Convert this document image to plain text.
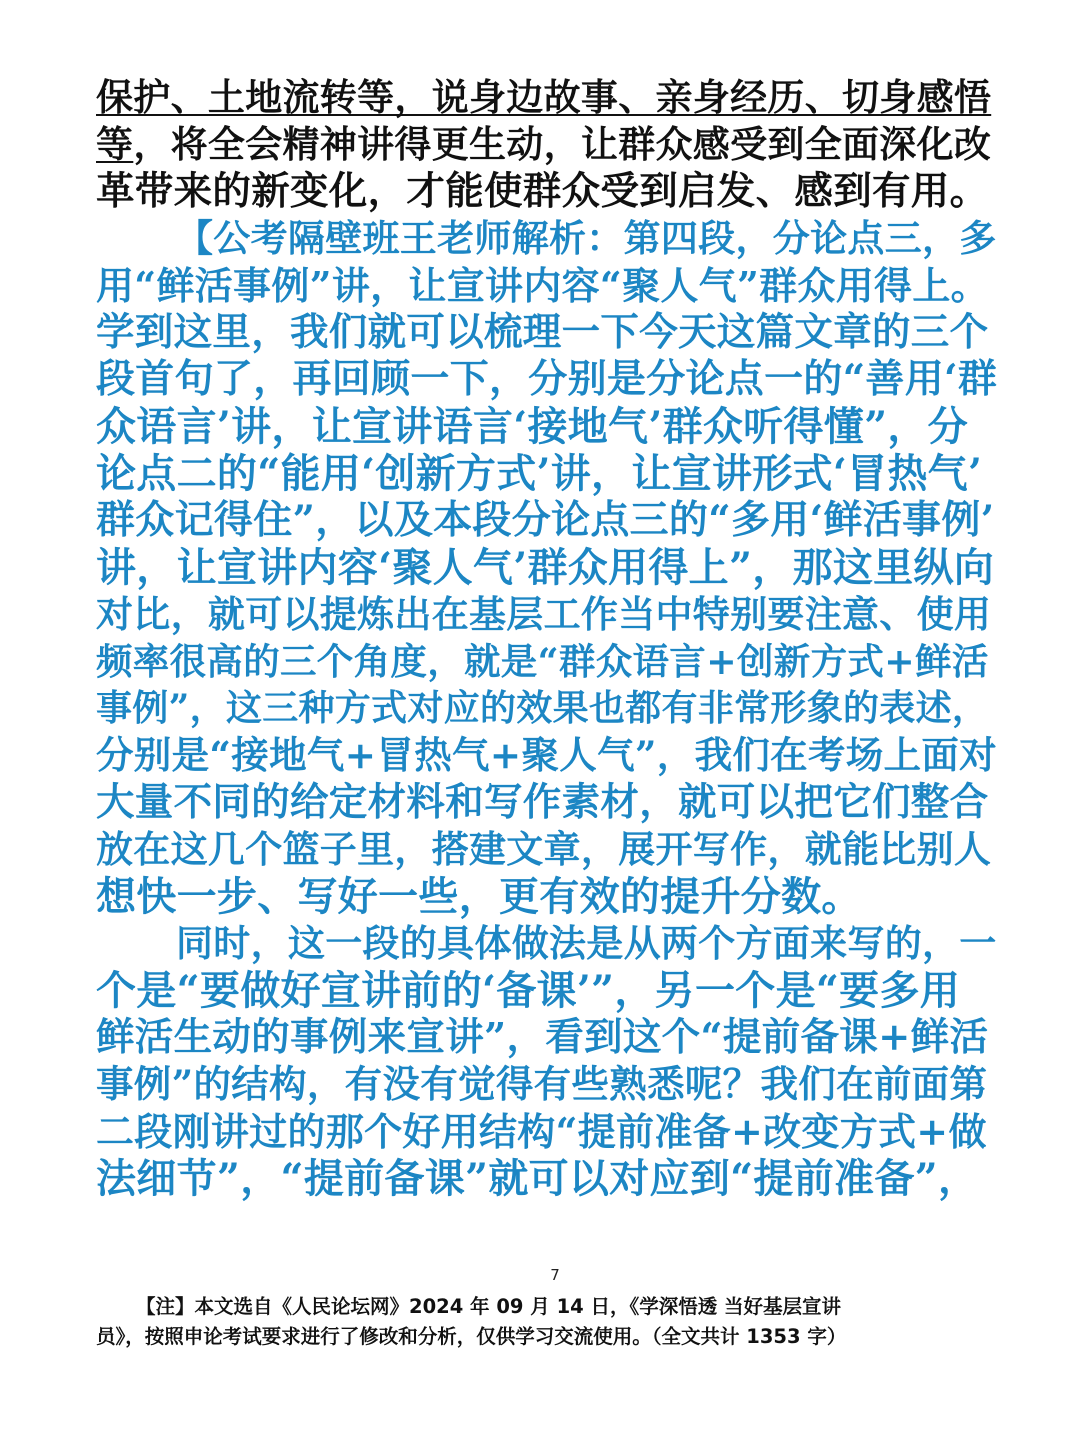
保护、土地流转等，说身边故事、亲身经历、切身感悟
等，将全会精神讲得更生动，让群众感受到全面深化改
革带来的新变化，才能使群众受到启发、感到有用。
【公考隔壁班王老师解析：第四段，分论点三，多
用“鲜活事例”讲，让宣讲内容“聚人气”群众用得上。
学到这里，我们就可以梳理一下今天这篇文章的三个
段首句了，再回顾一下，分别是分论点一的“善用‘群
众语言’讲，让宣讲语言‘接地气’群众听得懂”，分
论点二的“能用‘创新方式’讲，让宣讲形式‘冒热气’
群众记得住”，以及本段分论点三的“多用‘鲜活事例’
讲，让宣讲内容‘聚人气’群众用得上”，那这里纵向
对比，就可以提炼出在基层工作当中特别要注意、使用
频率很高的三个角度，就是“群众语言+创新方式+鲜活
事例”，这三种方式对应的效果也都有非常形象的表述，
分别是“接地气+冒热气+聚人气”，我们在考场上面对
大量不同的给定材料和写作素材，就可以把它们整合
放在这几个篮子里，搭建文章，展开写作，就能比别人
想快一步、写好一些，更有效的提升分数。
同时，这一段的具体做法是从两个方面来写的，一
个是“要做好宣讲前的‘备课’”，另一个是“要多用
鲜活生动的事例来宣讲”，看到这个“提前备课+鲜活
事例”的结构，有没有觉得有些熟悉呢？我们在前面第
二段刚讲过的那个好用结构“提前准备+改变方式+做
法细节”，“提前备课”就可以对应到“提前准备”，
7
【注】本文选自《人民论坛网》2024 年 09 月 14 日，《学深悟透 当好基层宣讲
员》，按照申论考试要求进行了修改和分析，仅供学习交流使用。（全文共计 1353 字）
